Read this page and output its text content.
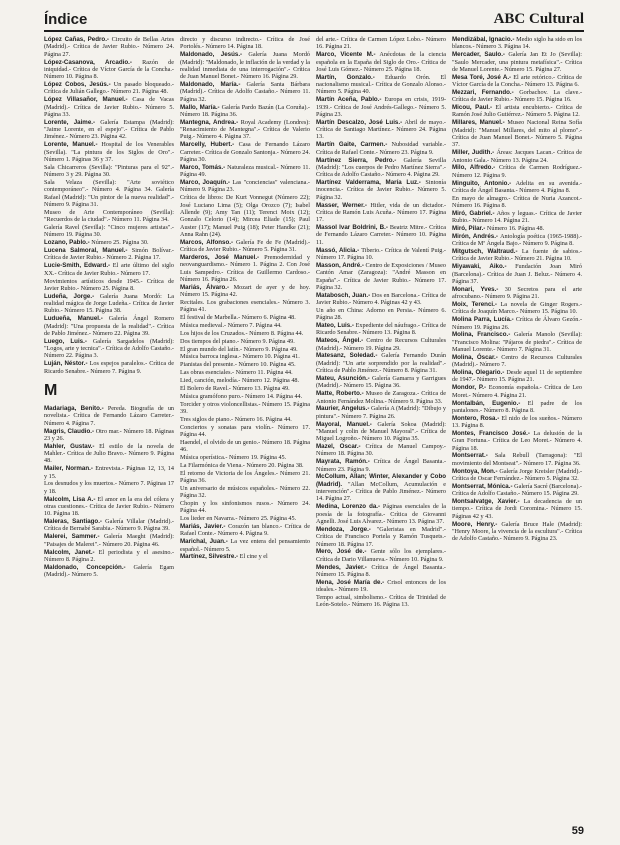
Índice	ABC Cultural

López Cañas, Pedro.- Circuito de Bellas Artes (Madrid).- Crítica de Javier Rubio.- Número 24. Página 27.

López-Casanova, Arcadio.- Razón de iniquidad.- Crítica de Víctor García de la Concha.- Número 10. Página 8.

López Cobos, Jesús.- Un pasado bloqueado.- Crítica de Julián Gallego.- Número 21. Página 48.

López Villasañor, Manuel.- Casa de Vacas (Madrid).- Crítica de Javier Rubio.- Número 5. Página 33.

Lorente, Jaime.- Galería Estampa (Madrid): "Jaime Lorente, en el espejo".- Crítica de Pablo Jiménez.- Número 23. Página 42.

Lorente, Manuel.- Hospital de los Venerables (Sevilla). "La pintura de los Siglos de Oro".- Número 1. Páginas 36 y 37.

Sala Chicarreros (Sevilla): "Pinturas para el 92".- Número 3 y 29. Página 30.

Sala Velaza (Sevilla): "Arte soviético contemporáneo".- Número 4. Página 34. Galería Rafael (Madrid): "Un pintor de la nueva realidad".- Número 9. Página 31.

Museo de Arte Contemporáneo (Sevilla): "Recuerdos de la ciudad".- Número 11. Página 34.

Galería Ravel (Sevilla): "Cinco mujeres artistas".- Número 19. Página 30.

Lozano, Pablo.- Número 25. Página 30.

Lucena Salmoral, Manuel.- Simón Bolívar.- Crítica de Javier Rubio.- Número 2. Página 17.

Lucie-Smith, Edward.- El arte último del siglo XX.- Crítica de Javier Rubio.- Número 17.

Movimientos artísticos desde 1945.- Crítica de Javier Rubio.- Número 25. Página 8.

Ludeña, Jorge.- Galería Juana Mordó: La realidad mágica de Jorge Ludeña.- Crítica de Javier Rubio.- Número 15. Página 38.

Ludueña, Manuel.- Galería Ángel Romero (Madrid): "Una propuesta de la realidad".- Crítica de Pablo Jiménez.- Número 22. Página 39.

Luego, Luis.- Galería Sargadelos (Madrid): "Logos, arte y tecnica".- Crítica de Adolfo Castaño.- Número 22. Página 3.

Luján, Néstor.- Los espejos paralelos.- Crítica de Ricardo Senabre.- Número 7. Página 9.

M

Madariaga, Benito.- Pereda. Biografía de un novelista.- Crítica de Fernando Lázaro Carreter.- Número 4. Página 7.

Magris, Claudio.- Otro mar.- Número 18. Páginas 23 y 26.

Mahler, Gustav.- El estilo de la novela de Mahler.- Crítica de Julio Bravo.- Número 9. Página 48.

Mailer, Norman.- Entrevista.- Páginas 12, 13, 14 y 15.

Los desnudos y los muertos.- Número 7. Páginas 17 y 18.

Malcolm, Lisa A.- El amor en la era del cólera y otras cuestiones.- Crítica de Javier Rubio.- Número 10. Página 18.

Maleras, Santiago.- Galería Villalar (Madrid).- Crítica de Bernabé Sarabia.- Número 9. Página 39.

Malerei, Sammer.- Galería Maeght (Madrid): "Paisajes de Malerei".- Número 20. Página 46.

Malcolm, Janet.- El periodista y el asesino.- Número 8. Página 2.

Maldonado, Concepción.- Galería Egam (Madrid).- Número 5.

directo y discurso indirecto.- Crítica de José Portolés.- Número 14. Página 18.

Maldonado, Jesús.- Galería Juana Mordó (Madrid): "Maldonado, le inflación de la verdad y la realidad inmediata de una interrogación".- Crítica de Juan Manuel Bonet.- Número 16. Página 29.

Maldonado, María.- Galería Santa Bárbara (Madrid).- Crítica de Adolfo Castaño.- Número 11. Página 32.

Mallo, María.- Galería Pardo Bazán (La Coruña).- Número 18. Página 36.

Mantegna, Andrea.- Royal Academy (Londres): "Renacimiento de Mantegna".- Crítica de Valerio Puig.- Número 4. Página 37.

Marcelly, Hubert.- Casa de Fernando Lázaro Carreter.- Crítica de Gonzalo Santonja.- Número 24. Página 30.

Marco, Tomás.- Naturaleza musical.- Número 11. Página 49.

Marco, Joaquín.- Las "conciencias" valenciana.- Número 9. Página 23.

Crítica de libros: De Kurt Vonnegut (Número 22); José Luciano Lima (5); Olga Orozco (7); Isabel Allende (9); Amy Tan (11); Terenci Moix (12); Gonzalo Celorio (14); Mircea Eliade (15); Paul Auster (17); Manuel Puig (18); Peter Handke (21); Anna Rahn (24).

Marcos, Alfonso.- Galería Fe de Fe (Madrid).- Crítica de Javier Rubio.- Número 5. Página 31.

Marderos, José Manuel.- Premodernidad y neovanguardismo.- Número 1. Página 2. Con José Luis Sampedro.- Crítica de Guillermo Cardoso.- Número 16. Página 26.

Mariás, Álvaro.- Mozart de ayer y de hoy. Número 15. Página 42.

Recitales. Los grabaciones esenciales.- Número 3. Página 41.

El festival de Marbella.- Número 6. Página 48.

Música medieval.- Número 7. Página 44.

Los hijos de los Cruzados.- Número 8. Página 44.

Dos tiempos del piano.- Número 9. Página 49.

El gran mundo del latín.- Número 9. Página 49.

Música barroca inglesa.- Número 10. Página 41.

Pianistas del presente.- Número 10. Página 45.

Las obras esenciales.- Número 11. Página 44.

Lied, canción, melodía.- Número 12. Página 48.

El Bolero de Ravel.- Número 13. Página 49.

Música gramófono puro.- Número 14. Página 44.

Torcider y otros violoncellistas.- Número 15. Página 39.

Tres siglos de piano.- Número 16. Página 44.

Conciertos y sonatas para violín.- Número 17. Página 44.

Haendel, el olvido de un genio.- Número 18. Página 46.

Música operística.- Número 19. Página 45.

La Filarmónica de Viena.- Número 20. Página 38.

El retorno de Victoria de los Ángeles.- Número 21. Página 36.

Un aniversario de músicos españoles.- Número 22. Página 32.

Chopin y los sinfonismos rusos.- Número 24. Página 44.

Los lieder en Navarra.- Número 25. Página 45.

Mariás, Javier.- Corazón tan blanco.- Crítica de Rafael Conte.- Número 4. Página 9.

Marichal, Juan.- La vez entera del pensamiento español.- Número 5.

Martínez, Silvestre.- El cine y el

del arte.- Crítica de Carmen López Lobo.- Número 16. Página 21.

Marco, Vicente M.- Anécdotas de la ciencia española en la España del Siglo de Oro.- Crítica de José Luis Gómez.- Número 25. Página 18.

Martín, Gonzalo.- Eduardo Orón. El nacionalismo musical.- Crítica de Gonzalo Alonso.- Número 5. Página 40.

Martín Aceña, Pablo.- Europa en crisis, 1919-1939.- Crítica de José Andrés-Gallego.- Número 5. Página 23.

Martín Descalzo, José Luis.- Abril de mayo.- Crítica de Santiago Martínez.- Número 24. Página 13.

Martín Gaite, Carmen.- Nubosidad variable.- Crítica de Rafael Conte.- Número 23. Página 9.

Martínez Sierra, Pedro.- Galería Sevilla (Madrid): "Los cuerpos de Pedro Martínez Sierra".- Crítica de Adolfo Castaño.- Número 4. Página 29.

Martínez Valderrama, María Luz.- Sintonía inocencia.- Crítica de Javier Rubio.- Número 5. Página 32.

Masser, Werner.- Hitler, vida de un dictador.- Crítica de Ramón Luis Acuña.- Número 17. Página 17.

Massol Ivar Boldrini, B.- Beatriz Mitre.- Crítica de Fernando Lázaro Carreter.- Número 10. Página 11.

Massó, Alicia.- Tiberio.- Crítica de Valentí Puig.- Número 17. Página 10.

Masson, André.- Centro de Exposiciones / Museo Cantón Amar (Zaragoza): "André Masson en España".- Crítica de Javier Rubio.- Número 17. Página 32.

Matabosch, Juan.- Dos en Barcelona.- Crítica de Javier Rubio.- Número 4. Páginas 42 y 43.

Un año en China: Adorno en Persia.- Número 6. Página 28.

Mateo, Luis.- Expediente del náufrago.- Crítica de Ricardo Senabre.- Número 13. Página 8.

Mateos, Ángel.- Centro de Recursos Culturales (Madrid).- Número 19. Página 29.

Matesanz, Soledad.- Galería Fernando Durán (Madrid): "Un arte sorprendido por la realidad".- Crítica de Pablo Jiménez.- Número 8. Página 31.

Mateu, Asunción.- Galería Gamarra y Garrigues (Madrid).- Número 15. Página 36.

Matte, Roberto.- Museo de Zaragoza.- Crítica de Antonio Fernández Molina.- Número 9. Página 33.

Maurier, Angelus.- Galería A (Madrid): "Dibujo y pintura".- Número 7. Página 26.

Mayoral, Manuel.- Galería Sokoa (Madrid): "Manuel y colin de Manuel Mayoral".- Crítica de Miguel Logroño.- Número 10. Página 35.

Mazel, Oscar.- Crítica de Manuel Campoy.- Número 18. Página 30.

Mayrata, Ramón.- Crítica de Ángel Basanta.- Número 23. Página 9.

McCollum, Allan; Winter, Alexander y Cobo (Madrid). "Allan McCollum, Acumulación e intervención".- Crítica de Pablo Jiménez.- Número 14. Página 27.

Medina, Lorenzo da.- Páginas esenciales de la poesía de la fotografía.- Crítica de Giovanni Agnelli. José Luis Alvarez.- Número 13. Página 37.

Mendoza, Jorge.- "Galeristas en Madrid".- Crítica de Francisco Portela y Ramón Tusquets.- Número 18. Página 17.

Mero, José de.- Gente sólo los ejemplares.- Crítica de Dario Villanueva.- Número 10. Página 9.

Mendes, Javier.- Crítica de Ángel Basanta.- Número 15. Página 8.

Mena, José María de.- Crisol entonces de los ideales.- Número 19.

Tempo actual, simbolismo.- Crítica de Trinidad de León-Sotelo.- Número 16. Página 13.

Mendizábal, Ignacio.- Medio siglo ha sido en los blancos.- Número 3. Página 14.

Mercader, Saulo.- Galería Jan Et Jo (Sevilla): "Saulo Mercader, una pintura metafísica".- Crítica de Manuel Lorente.- Número 15. Página 27.

Mesa Toré, José A.- El arte retórico.- Crítica de Víctor García de la Concha.- Número 13. Página 6.

Mezzari, Fernando.- Gorbachov. La clave.- Crítica de Javier Rubio.- Número 15. Página 16.

Micou, Paul.- El artista encubierto.- Crítica de Ramón José Julio Gutiérrez.- Número 5. Página 12.

Millares, Manuel.- Museo Nacional Reina Sofía (Madrid): "Manuel Millares, del mito al plomo".- Crítica de Juan Manuel Bonet.- Número 5. Página 37.

Miller, Judith.- Áreas: Jacques Lacan.- Crítica de Antonio Gala.- Número 13. Página 24.

Milo, Alfredo.- Crítica de Carmen Rodríguez.- Número 12. Página 9.

Minguito, Antonio.- Adelita en su avenida.- Crítica de Ángel Basanta.- Número 4. Página 8.

En mayo de almagro.- Crítica de Nuria Azancot.- Número 16. Página 8.

Miró, Gabriel.- Años y leguas.- Crítica de Javier Rubio.- Número 14. Página 21.

Miró, Pilar.- Número 16. Página 48.

Mirón, Andrés.- Antología poética (1965-1988).- Crítica de Mª Ángela Bajo.- Número 9. Página 8.

Mitgutsch, Waltraud.- La fuente de sabios.- Crítica de Javier Rubio.- Número 21. Página 10.

Miyawaki, Aiko.- Fundación Joan Miró (Barcelona).- Crítica de Juan J. Beluz.- Número 4. Página 37.

Monari, Yves.- 30 Secretos para el arte afrocubano.- Número 9. Página 21.

Moix, Terenci.- La novela de Ginger Rogers.- Crítica de Joaquín Marco.- Número 15. Página 10.

Molina Parra, Lucía.- Crítica de Álvaro Gezón.- Número 19. Página 26.

Molina, Francisco.- Galería Manolo (Sevilla): "Francisco Molina: "Pájaros de piedra".- Crítica de Manuel Lorente.- Número 7. Página 31.

Molina, Óscar.- Centro de Recursos Culturales (Madrid).- Número 7.

Molina, Olegario.- Desde aquel 11 de septiembre de 1947.- Número 15. Página 21.

Mondor, P.- Economía española.- Crítica de Leo Moret.- Número 4. Página 21.

Montalbán, Eugenio.- El padre de los pantalones.- Número 8. Página 8.

Montero, Rosa.- El nido de los sueños.- Número 13. Página 8.

Montes, Francisco José.- La delusión de la Gran Fortuna.- Crítica de Leo Moret.- Número 4. Página 18.

Montserrat.- Sala Rebull (Tarragona): "El movimiento del Montseat".- Número 17. Página 36.

Montoya, Mon.- Galería Jorge Kreisler (Madrid).- Crítica de Oscar Fernández.- Número 5. Página 32.

Montserrat, Mónica.- Galería Sacré (Barcelona).- Crítica de Adolfo Castaño.- Número 15. Página 29.

Montsalvatge, Xavier.- La decadencia de un tiempo.- Crítica de Jordi Coromina.- Número 15. Páginas 42 y 43.

Moore, Henry.- Galería Bruce Hale (Madrid): "Henry Moore, la vivencia de la escultura".- Crítica de Adolfo Castaño.- Número 9. Página 23.

59
